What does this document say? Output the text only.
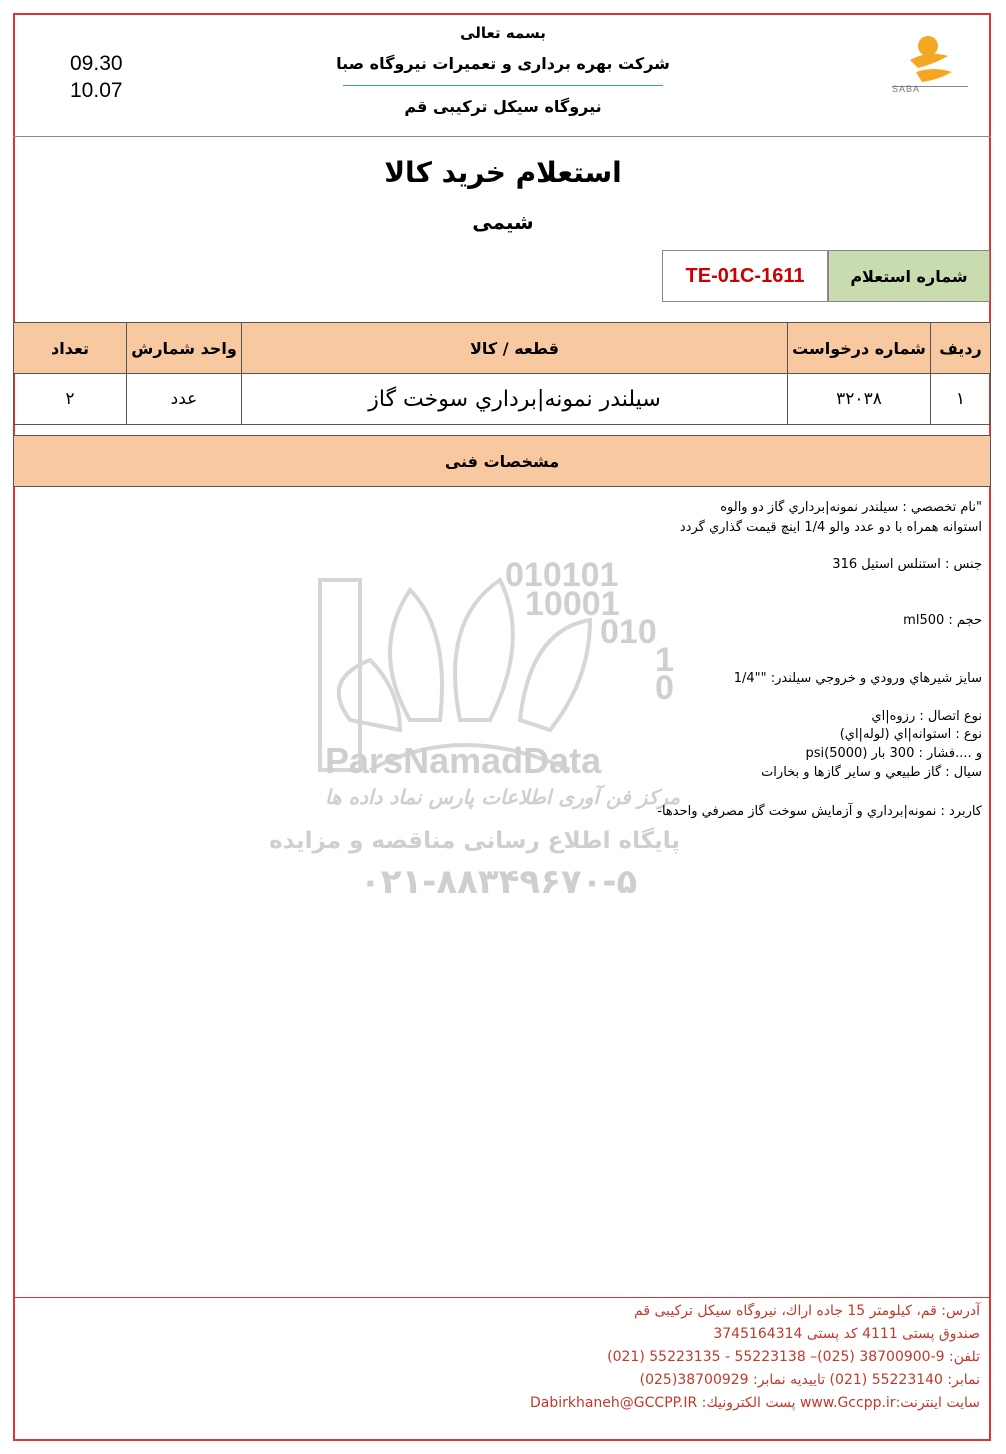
بسمه تعالی
شرکت بهره برداری و تعمیرات نیروگاه صبا
نیروگاه سیکل ترکیبی قم
09.30
10.07	SABA
استعلام خرید کالا
شیمی
شماره استعلام
TE-01C-1611
ردیف
شماره درخواست
قطعه / کالا
واحد شمارش
تعداد
۱
۳۲۰۳۸
سیلندر نمونه|برداري سوخت گاز
عدد
۲
مشخصات فنی
010101
10001
010
1
0
ParsNamadData
مرکز فن آوری اطلاعات پارس نماد داده ها
پایگاه اطلاع رسانی مناقصه و مزایده
۰۲۱-۸۸۳۴۹۶۷۰-۵
"نام تخصصي : سيلندر نمونه|برداري گاز دو والوه
استوانه همراه با دو عدد والو 1/4 اينچ قيمت گذاري گردد
جنس : استنلس استيل 316
حجم : ml500
سايز شيرهاي ورودي و خروجي سيلندر: ""1/4
نوع اتصال : رزوه|اي
نوع : استوانه|اي (لوله|اي)
و ....فشار : 300 بار (psi(5000
سيال : گاز طبيعي و ساير گازها و بخارات
کاربرد : نمونه|برداري و آزمايش سوخت گاز مصرفي واحدها-
آدرس: قم، کیلومتر 15 جاده اراك، نیروگاه سیکل ترکیبی قم
صندوق پستی 4111 کد پستی 3745164314
تلفن: 9-38700900 (025)– 55223138 - 55223135 (021)
نمابر: 55223140 (021) تاییدیه نمابر: 38700929(025)
سایت اینترنت:www.Gccpp.ir پست الکترونیك: Dabirkhaneh@GCCPP.IR
